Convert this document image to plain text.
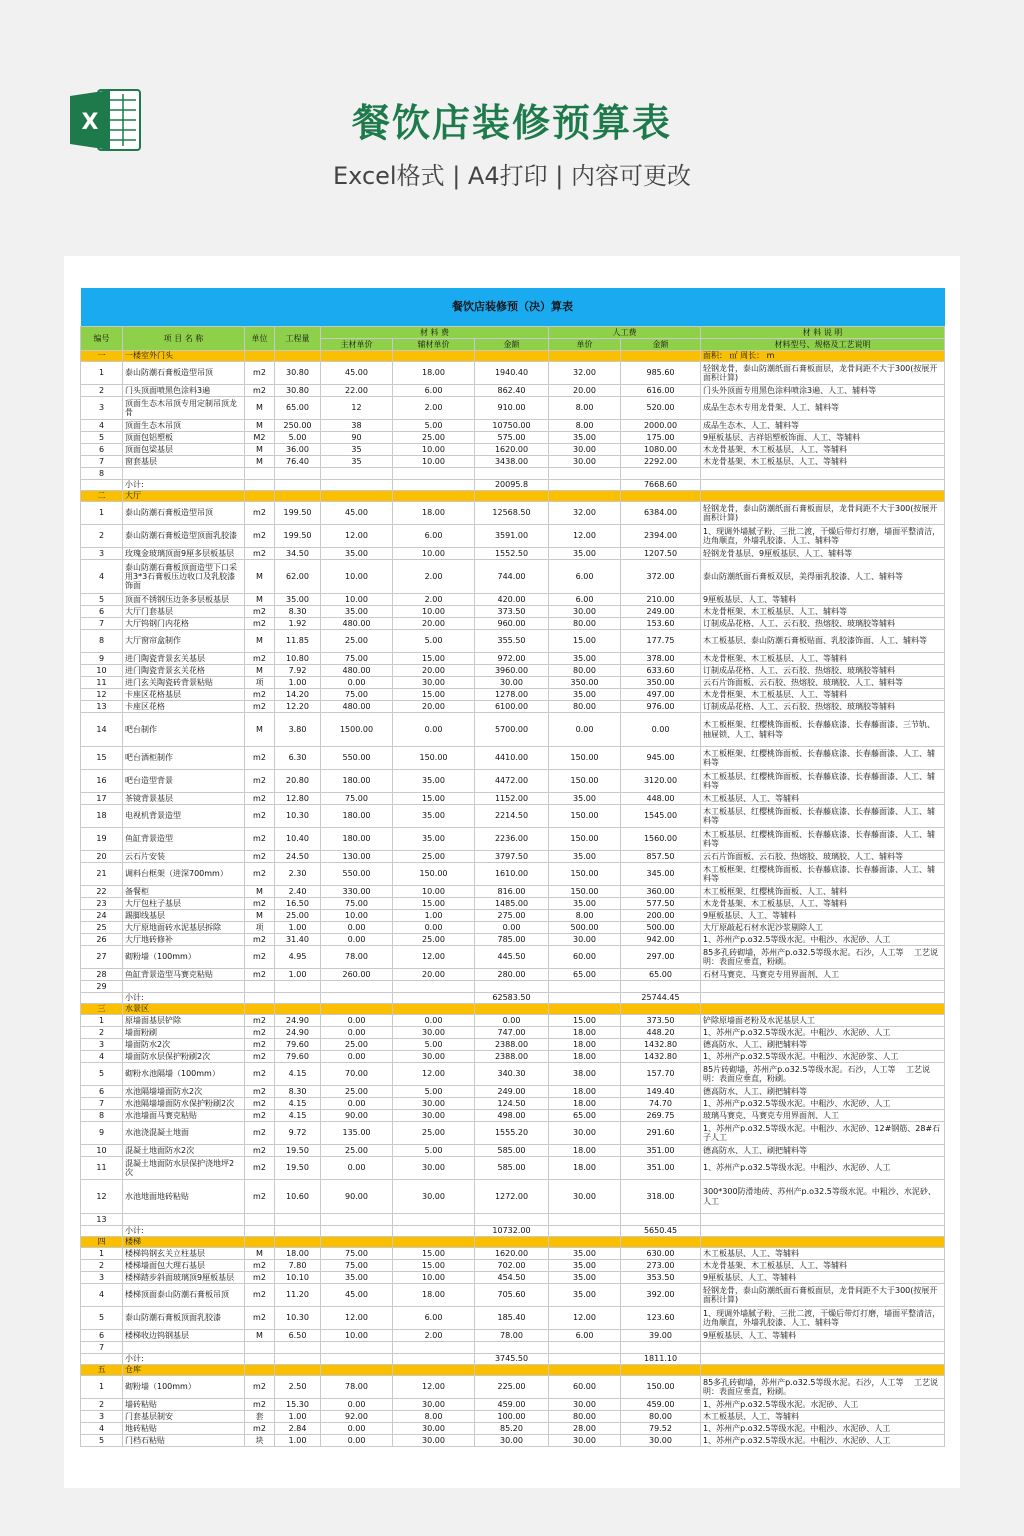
X	餐饮店装修预算表
Excel格式 | A4打印 | 内容可更改
餐饮店装修预（决）算表									
编号	项 目 名 称	单位	工程量	材 料 费			人工费		材 料 说 明
				主材单价	辅材单价	金额	单价	金额	材料型号、规格及工艺说明
一	一楼室外门头								面积： ㎡ 周长： m
1	泰山防潮石膏板造型吊顶	m2	30.80	45.00	18.00	1940.40	32.00	985.60	轻钢龙骨，泰山防潮纸面石膏板面层，龙骨间距不大于300(按展开面积计算)
2	门头顶面喷黑色涂料3遍	m2	30.80	22.00	6.00	862.40	20.00	616.00	门头外顶面专用黑色涂料喷涂3遍、人工、辅料等
3	顶面生态木吊顶专用定制吊顶龙骨	M	65.00	12	2.00	910.00	8.00	520.00	成品生态木专用龙骨架、人工、辅料等
4	顶面生态木吊顶	M	250.00	38	5.00	10750.00	8.00	2000.00	成品生态木、人工、辅料等
5	顶面包铝塑板	M2	5.00	90	25.00	575.00	35.00	175.00	9厘板基层、吉祥铝塑板饰面、人工、等辅料
6	顶面包梁基层	M	36.00	35	10.00	1620.00	30.00	1080.00	木龙骨基架、木工板基层、人工、等辅料
7	窗套基层	M	76.40	35	10.00	3438.00	30.00	2292.00	木龙骨基架、木工板基层、人工、等辅料
8									
	小计:					20095.8		7668.60	
二	大厅								
1	泰山防潮石膏板造型吊顶	m2	199.50	45.00	18.00	12568.50	32.00	6384.00	轻钢龙骨，泰山防潮纸面石膏板面层，龙骨间距不大于300(按展开面积计算)
2	泰山防潮石膏板造型顶面乳胶漆	m2	199.50	12.00	6.00	3591.00	12.00	2394.00	1、现调外墙腻子粉、三批二渡，干燥后带灯打磨，墙面平整清洁，边角顺直，外墙乳胶漆、人工、辅料等
3	玫瑰金玻璃顶面9厘多层板基层	m2	34.50	35.00	10.00	1552.50	35.00	1207.50	轻钢龙骨基层、9厘板基层、人工、辅料等
4	泰山防潮石膏板顶面造型下口采用3*3石膏板压边收口及乳胶漆饰面	M	62.00	10.00	2.00	744.00	6.00	372.00	泰山防潮纸面石膏板双层，美得丽乳胶漆、人工、辅料等
5	顶面不锈钢压边条多层板基层	M	35.00	10.00	2.00	420.00	6.00	210.00	9厘板基层、人工、等辅料
6	大厅门套基层	m2	8.30	35.00	10.00	373.50	30.00	249.00	木龙骨框架、木工板基层、人工、辅料等
7	大厅钨钢门内花格	m2	1.92	480.00	20.00	960.00	80.00	153.60	订制成品花格、人工、云石胶、热熔胶、玻璃胶等辅料
8	大厅窗帘盒制作	M	11.85	25.00	5.00	355.50	15.00	177.75	木工板基层、泰山防潮石膏板贴面、乳胶漆饰面、人工、辅料等
9	进门陶瓷背景玄关基层	m2	10.80	75.00	15.00	972.00	35.00	378.00	木龙骨框架、木工板基层、人工、等辅料
10	进门陶瓷背景玄关花格	M	7.92	480.00	20.00	3960.00	80.00	633.60	订制成品花格、人工、云石胶、热熔胶、玻璃胶等辅料
11	进门玄关陶瓷砖背景粘贴	项	1.00	0.00	30.00	30.00	350.00	350.00	云石片饰面板、云石胶、热熔胶、玻璃胶、人工、辅料等
12	卡座区花格基层	m2	14.20	75.00	15.00	1278.00	35.00	497.00	木龙骨框架、木工板基层、人工、等辅料
13	卡座区花格	m2	12.20	480.00	20.00	6100.00	80.00	976.00	订制成品花格、人工、云石胶、热熔胶、玻璃胶等辅料
14	吧台制作	M	3.80	1500.00	0.00	5700.00	0.00	0.00	木工板框架、红樱桃饰面板、长春藤底漆、长春藤面漆、三节轨、抽屉锁、人工、辅料等
15	吧台酒柜制作	m2	6.30	550.00	150.00	4410.00	150.00	945.00	木工板框架、红樱桃饰面板、长春藤底漆、长春藤面漆、人工、辅料等
16	吧台造型背景	m2	20.80	180.00	35.00	4472.00	150.00	3120.00	木工板基层、红樱桃饰面板、长春藤底漆、长春藤面漆、人工、辅料等
17	茶镜背景基层	m2	12.80	75.00	15.00	1152.00	35.00	448.00	木工板基层、人工、等辅料
18	电视机背景造型	m2	10.30	180.00	35.00	2214.50	150.00	1545.00	木工板基层、红樱桃饰面板、长春藤底漆、长春藤面漆、人工、辅料等
19	鱼缸背景造型	m2	10.40	180.00	35.00	2236.00	150.00	1560.00	木工板基层、红樱桃饰面板、长春藤底漆、长春藤面漆、人工、辅料等
20	云石片安装	m2	24.50	130.00	25.00	3797.50	35.00	857.50	云石片饰面板、云石胶、热熔胶、玻璃胶、人工、辅料等
21	调料台框架（进深700mm）	m2	2.30	550.00	150.00	1610.00	150.00	345.00	木工板框架、红樱桃饰面板、长春藤底漆、长春藤面漆、人工、辅料等
22	备餐柜	M	2.40	330.00	10.00	816.00	150.00	360.00	木工板框架、红樱桃饰面板、人工、辅料
23	大厅包柱子基层	m2	16.50	75.00	15.00	1485.00	35.00	577.50	木龙骨基架、木工板基层、人工、等辅料
24	踢脚线基层	M	25.00	10.00	1.00	275.00	8.00	200.00	9厘板基层、人工、等辅料
25	大厅原地面砖水泥基层拆除	项	1.00	0.00	0.00	0.00	500.00	500.00	大厅原敲起石材水泥沙浆剔除人工
26	大厅地砖修补	m2	31.40	0.00	25.00	785.00	30.00	942.00	1、苏州产p.o32.5等级水泥。中粗沙、水泥砂、人工
27	砌粉墙（100mm）	m2	4.95	78.00	12.00	445.50	60.00	297.00	85多孔砖砌墙，苏州产p.o32.5等级水泥。石沙，人工等　 工艺说明：表面应垂直，粉刷。
28	鱼缸背景造型马赛克粘贴	m2	1.00	260.00	20.00	280.00	65.00	65.00	石材马赛克、马赛克专用界面剂、人工
29									
	小计:					62583.50		25744.45	
三	水景区								
1	原墙面基层铲除	m2	24.90	0.00	0.00	0.00	15.00	373.50	铲除原墙面老粉及水泥基层人工
2	墙面粉刷	m2	24.90	0.00	30.00	747.00	18.00	448.20	1、苏州产p.o32.5等级水泥。中粗沙、水泥砂、人工
3	墙面防水2次	m2	79.60	25.00	5.00	2388.00	18.00	1432.80	德高防水、人工、刷把辅料等
4	墙面防水层保护粉刷2次	m2	79.60	0.00	30.00	2388.00	18.00	1432.80	1、苏州产p.o32.5等级水泥。中粗沙、水泥砂浆、人工
5	砌粉水池隔墙（100mm）	m2	4.15	70.00	12.00	340.30	38.00	157.70	85片砖砌墙，苏州产p.o32.5等级水泥。石沙，人工等　 工艺说明：表面应垂直，粉刷。
6	水池隔墙墙面防水2次	m2	8.30	25.00	5.00	249.00	18.00	149.40	德高防水、人工、刷把辅料等
7	水池隔墙墙面防水保护粉刷2次	m2	4.15	0.00	30.00	124.50	18.00	74.70	1、苏州产p.o32.5等级水泥。中粗沙、水泥砂、人工
8	水池墙面马赛克粘贴	m2	4.15	90.00	30.00	498.00	65.00	269.75	玻璃马赛克、马赛克专用界面剂、人工
9	水池浇混凝土地面	m2	9.72	135.00	25.00	1555.20	30.00	291.60	1、苏州产p.o32.5等级水泥。中粗沙、水泥砂、12#钢筋、28#石子人工
10	混凝土地面防水2次	m2	19.50	25.00	5.00	585.00	18.00	351.00	德高防水、人工、刷把辅料等
11	混凝土地面防水层保护浇地坪2次	m2	19.50	0.00	30.00	585.00	18.00	351.00	1、苏州产p.o32.5等级水泥。中粗沙、水泥砂、人工
12	水池地面地砖粘贴	m2	10.60	90.00	30.00	1272.00	30.00	318.00	300*300防滑地砖、苏州产p.o32.5等级水泥。中粗沙、水泥砂、人工
13									
	小计:					10732.00		5650.45	
四	楼梯								
1	楼梯钨钢玄关立柱基层	M	18.00	75.00	15.00	1620.00	35.00	630.00	木工板基层、人工、等辅料
2	楼梯墙面包大理石基层	m2	7.80	75.00	15.00	702.00	35.00	273.00	木龙骨基架、木工板基层、人工、等辅料
3	楼梯踏步斜面玻璃顶9厘板基层	m2	10.10	35.00	10.00	454.50	35.00	353.50	9厘板基层、人工、等辅料
4	楼梯顶面泰山防潮石膏板吊顶	m2	11.20	45.00	18.00	705.60	35.00	392.00	轻钢龙骨，泰山防潮纸面石膏板面层，龙骨间距不大于300(按展开面积计算)
5	泰山防潮石膏板顶面乳胶漆	m2	10.30	12.00	6.00	185.40	12.00	123.60	1、现调外墙腻子粉、三批二渡，干燥后带灯打磨，墙面平整清洁，边角顺直，外墙乳胶漆、人工、辅料等
6	楼梯收边钨钢基层	M	6.50	10.00	2.00	78.00	6.00	39.00	9厘板基层、人工、等辅料
7									
	小计:					3745.50		1811.10	
五	仓库								
1	砌粉墙（100mm）	m2	2.50	78.00	12.00	225.00	60.00	150.00	85多孔砖砌墙，苏州产p.o32.5等级水泥。石沙，人工等　 工艺说明：表面应垂直，粉刷。
2	墙砖粘贴	m2	15.30	0.00	30.00	459.00	30.00	459.00	1、苏州产p.o32.5等级水泥。水泥砂、人工
3	门套基层制安	套	1.00	92.00	8.00	100.00	80.00	80.00	木工板基层、人工、等辅料
4	地砖粘贴	m2	2.84	0.00	30.00	85.20	28.00	79.52	1、苏州产p.o32.5等级水泥。中粗沙、水泥砂、人工
5	门档石粘贴	块	1.00	0.00	30.00	30.00	30.00	30.00	1、苏州产p.o32.5等级水泥。中粗沙、水泥砂、人工
